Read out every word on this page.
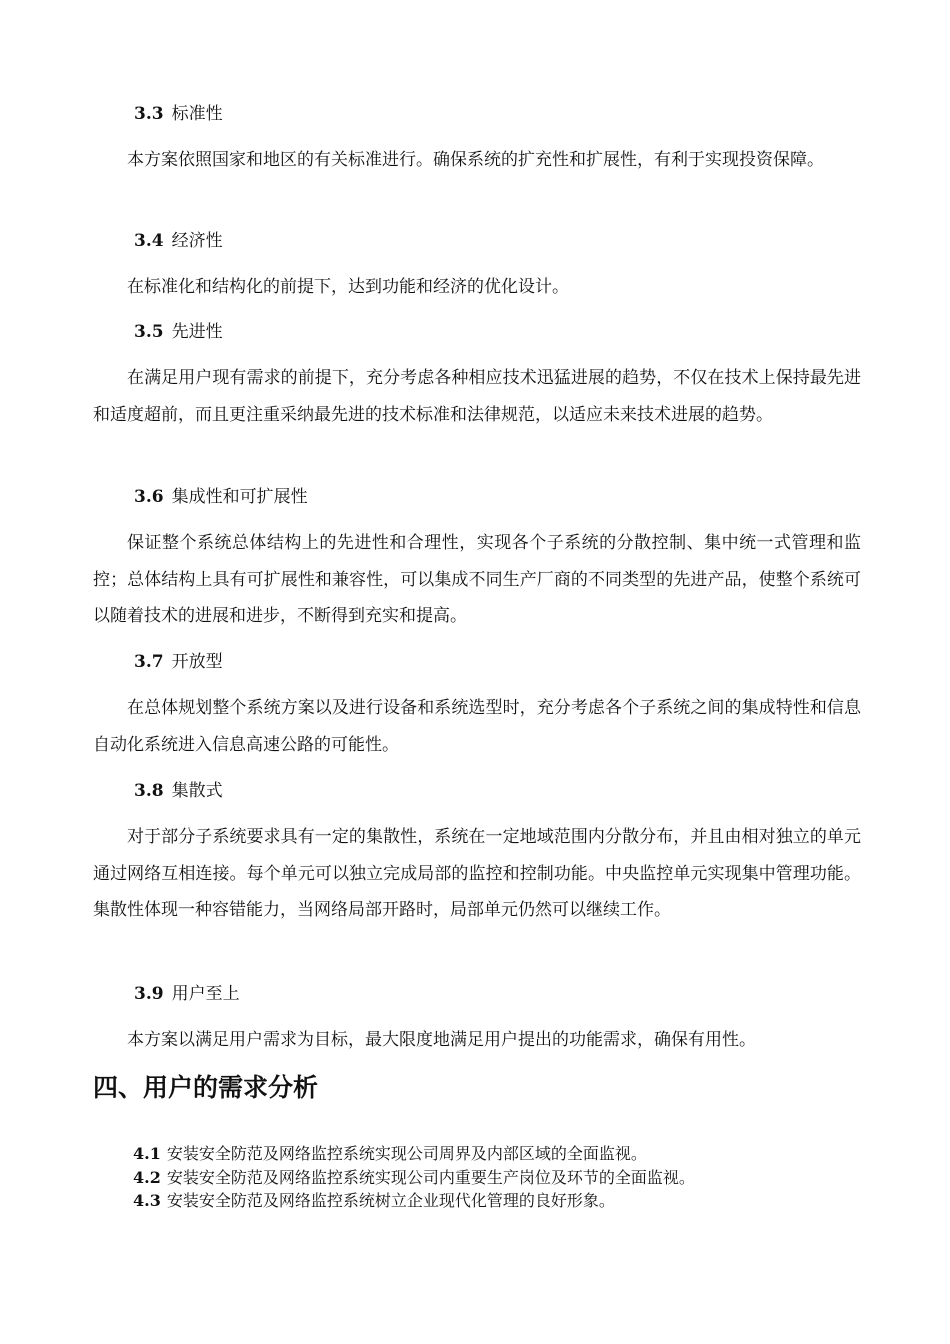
3.3 标准性
本方案依照国家和地区的有关标准进行。确保系统的扩充性和扩展性，有利于实现投资保障。
3.4 经济性
在标准化和结构化的前提下，达到功能和经济的优化设计。
3.5 先进性
在满足用户现有需求的前提下，充分考虑各种相应技术迅猛进展的趋势，不仅在技术上保持最先进和适度超前，而且更注重采纳最先进的技术标准和法律规范，以适应未来技术进展的趋势。
3.6 集成性和可扩展性
保证整个系统总体结构上的先进性和合理性，实现各个子系统的分散控制、集中统一式管理和监控；总体结构上具有可扩展性和兼容性，可以集成不同生产厂商的不同类型的先进产品，使整个系统可以随着技术的进展和进步，不断得到充实和提高。
3.7 开放型
在总体规划整个系统方案以及进行设备和系统选型时，充分考虑各个子系统之间的集成特性和信息自动化系统进入信息高速公路的可能性。
3.8 集散式
对于部分子系统要求具有一定的集散性，系统在一定地域范围内分散分布，并且由相对独立的单元通过网络互相连接。每个单元可以独立完成局部的监控和控制功能。中央监控单元实现集中管理功能。集散性体现一种容错能力，当网络局部开路时，局部单元仍然可以继续工作。
3.9 用户至上
本方案以满足用户需求为目标，最大限度地满足用户提出的功能需求，确保有用性。
四、用户的需求分析
4.1 安装安全防范及网络监控系统实现公司周界及内部区域的全面监视。
4.2 安装安全防范及网络监控系统实现公司内重要生产岗位及环节的全面监视。
4.3 安装安全防范及网络监控系统树立企业现代化管理的良好形象。
